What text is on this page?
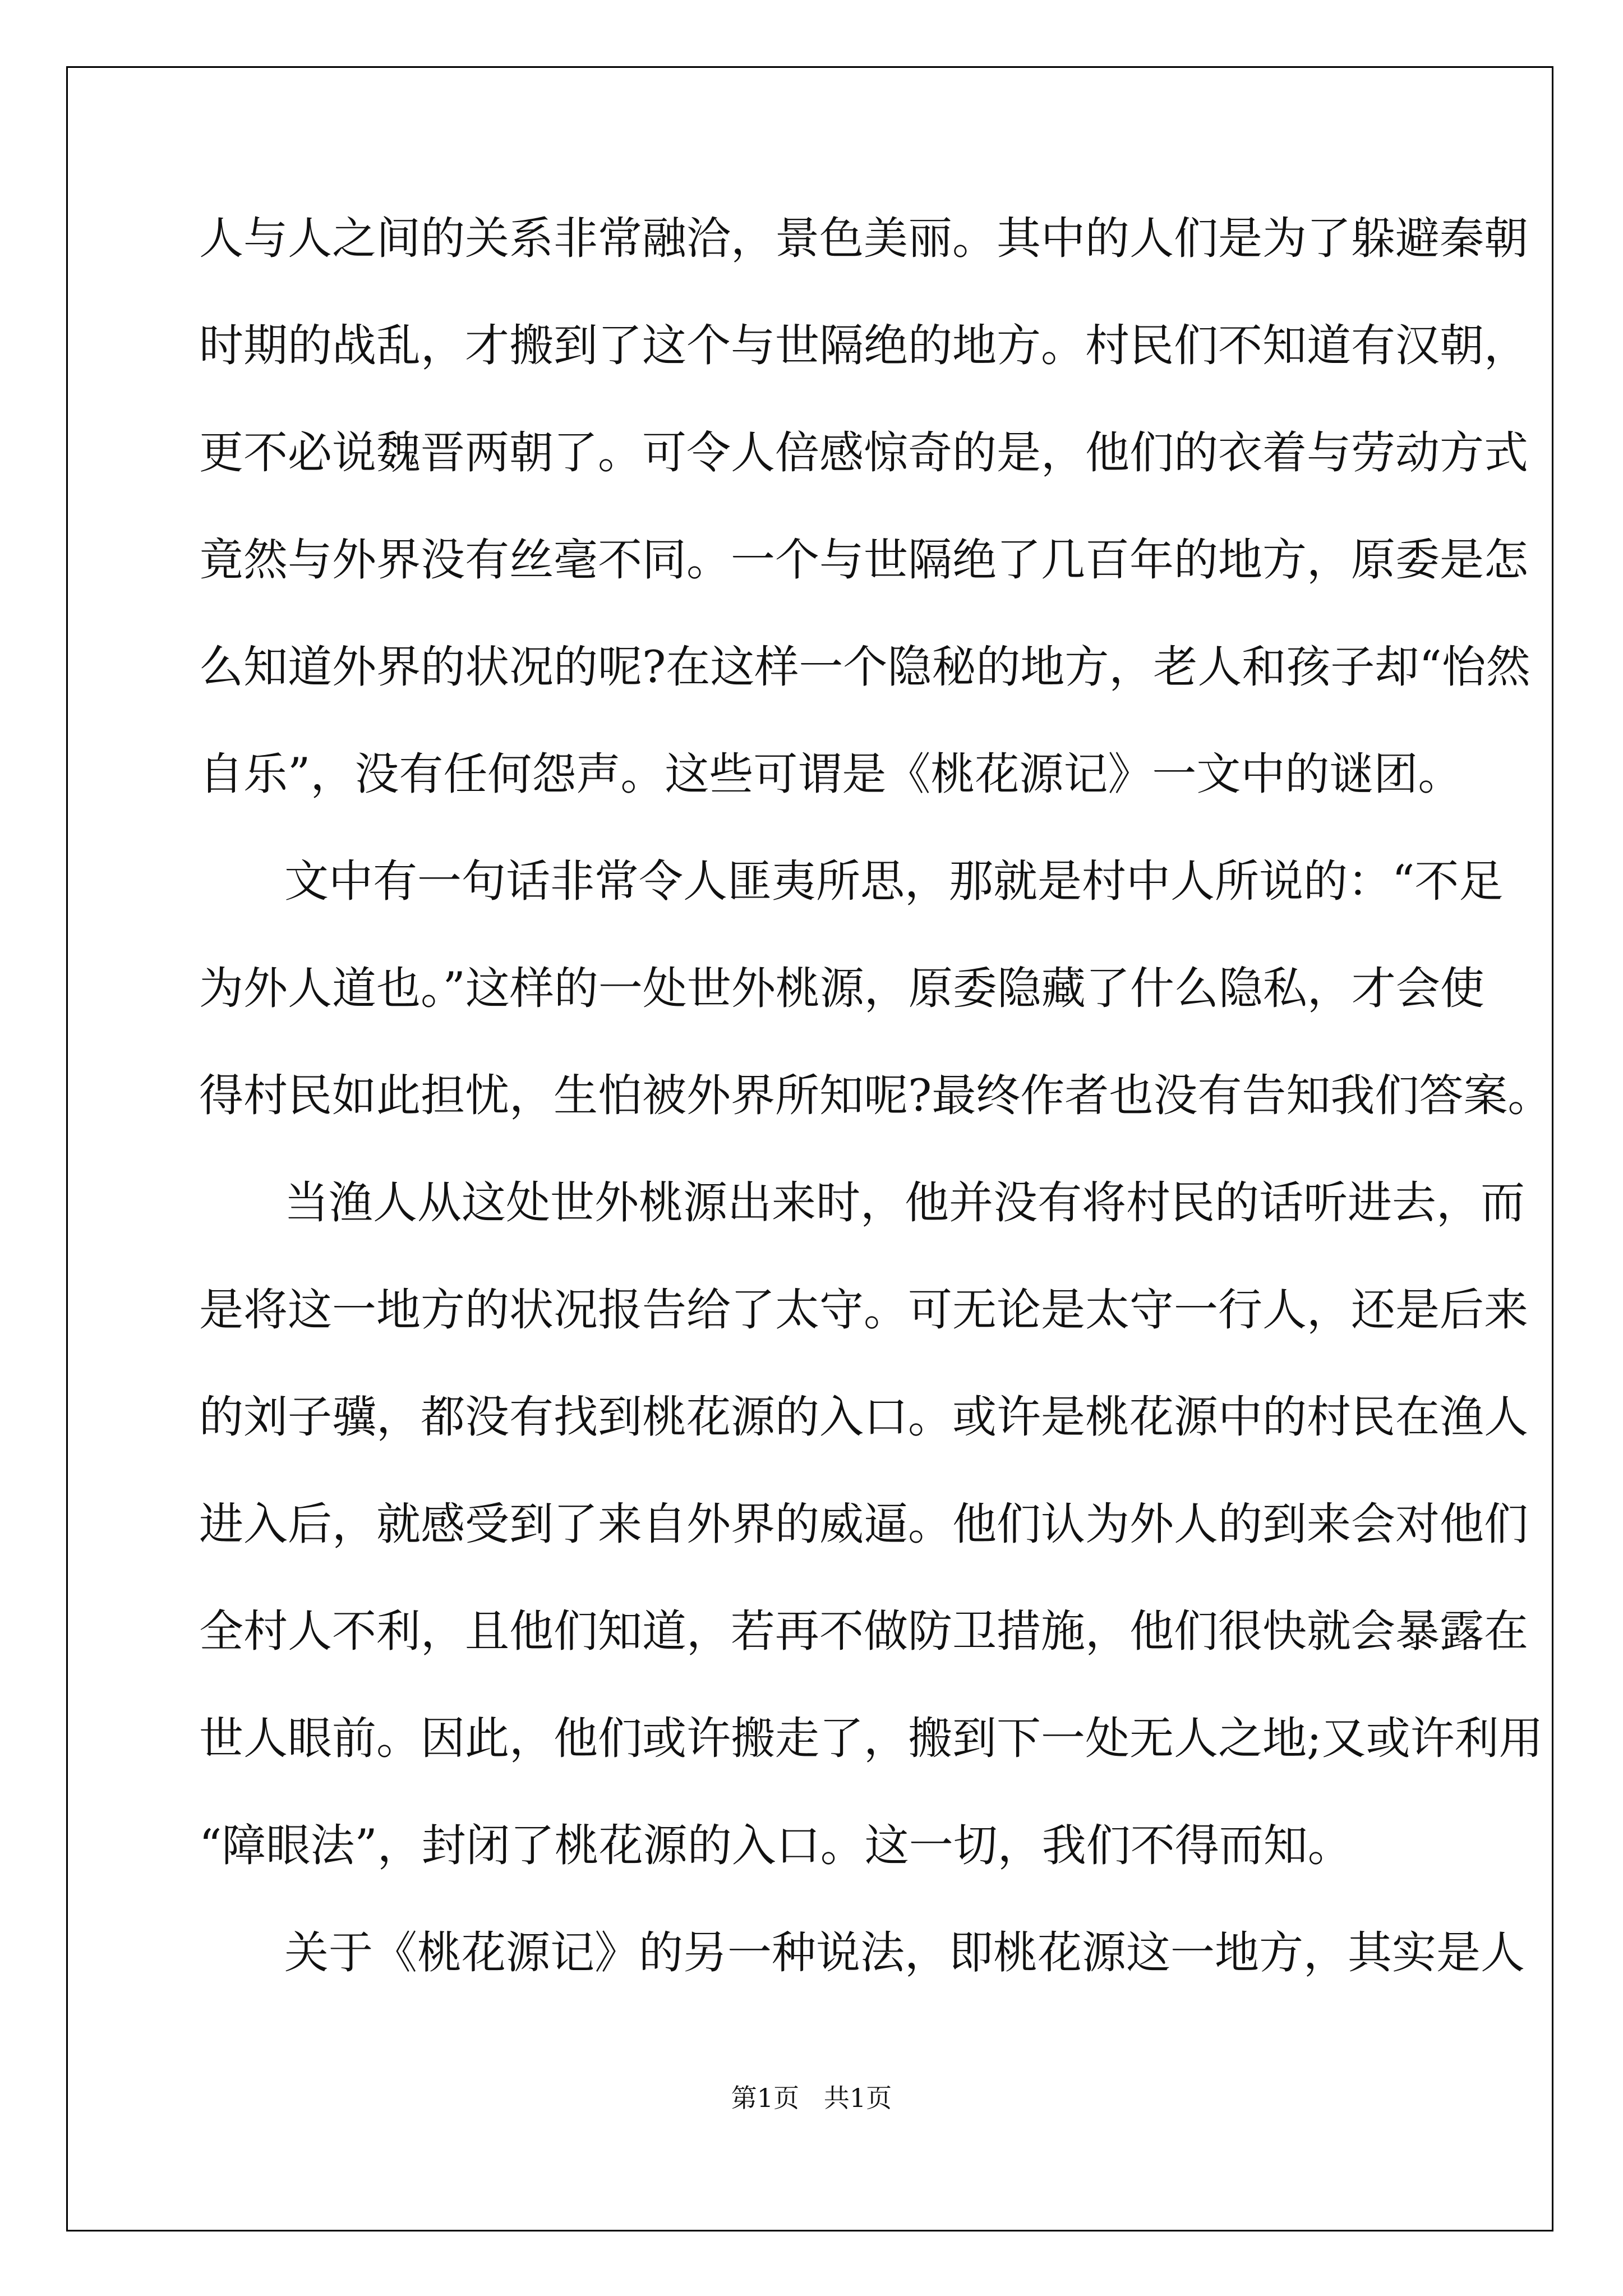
人与人之间的关系非常融洽，景色美丽。其中的人们是为了躲避秦朝
时期的战乱，才搬到了这个与世隔绝的地方。村民们不知道有汉朝，
更不必说魏晋两朝了。可令人倍感惊奇的是，他们的衣着与劳动方式
竟然与外界没有丝毫不同。一个与世隔绝了几百年的地方，原委是怎
么知道外界的状况的呢?在这样一个隐秘的地方，老人和孩子却“怡然
自乐”，没有任何怨声。这些可谓是《桃花源记》一文中的谜团。
文中有一句话非常令人匪夷所思，那就是村中人所说的：“不足
为外人道也。”这样的一处世外桃源，原委隐藏了什么隐私，才会使
得村民如此担忧，生怕被外界所知呢?最终作者也没有告知我们答案。
当渔人从这处世外桃源出来时，他并没有将村民的话听进去，而
是将这一地方的状况报告给了太守。可无论是太守一行人，还是后来
的刘子骥，都没有找到桃花源的入口。或许是桃花源中的村民在渔人
进入后，就感受到了来自外界的威逼。他们认为外人的到来会对他们
全村人不利，且他们知道，若再不做防卫措施，他们很快就会暴露在
世人眼前。因此，他们或许搬走了，搬到下一处无人之地;又或许利用
“障眼法”，封闭了桃花源的入口。这一切，我们不得而知。
关于《桃花源记》的另一种说法，即桃花源这一地方，其实是人
第1页   共1页
